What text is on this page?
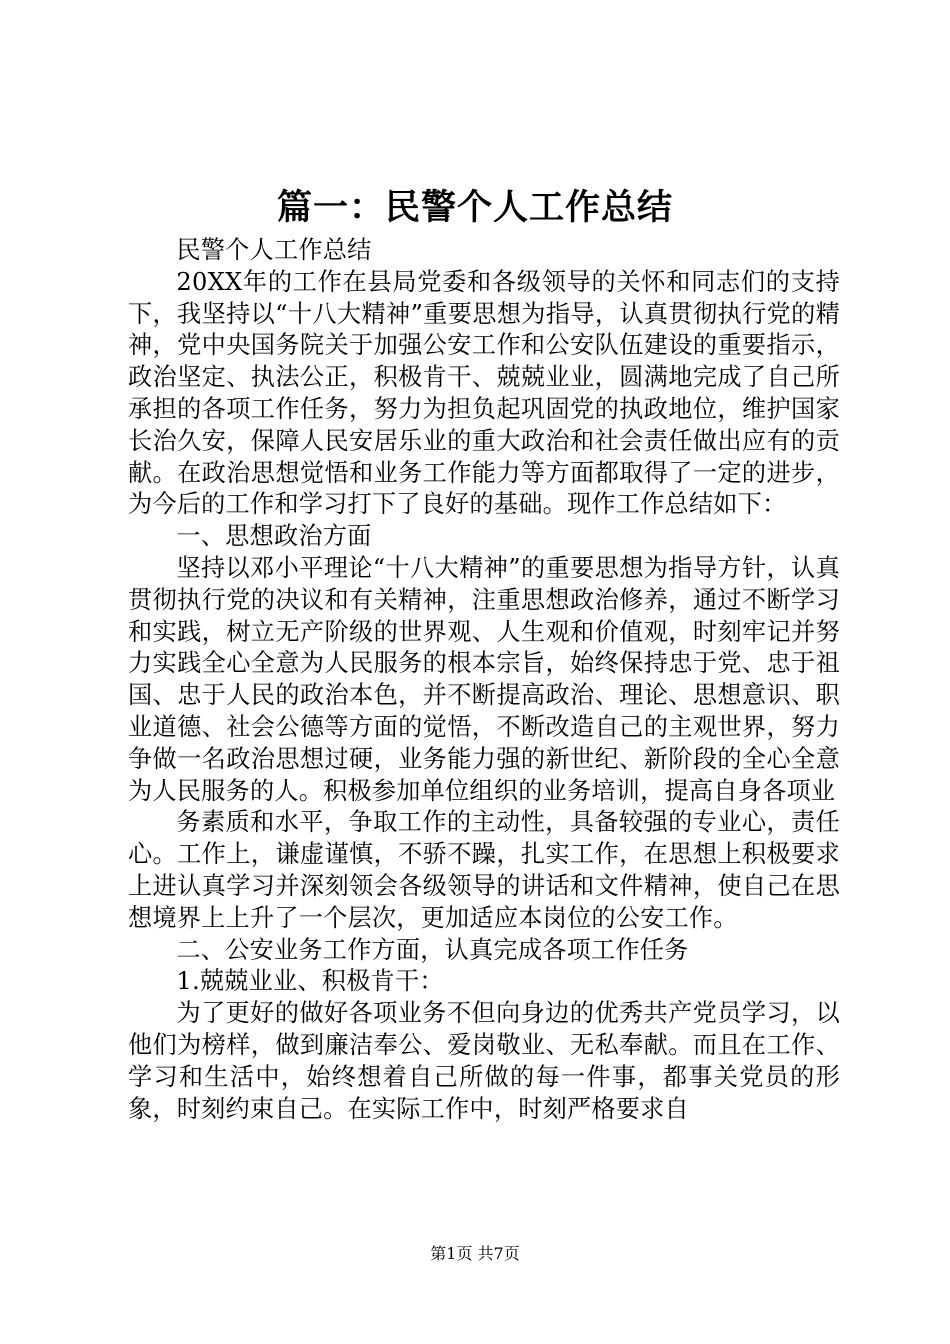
篇一：民警个人工作总结

民警个人工作总结

20XX年的工作在县局党委和各级领导的关怀和同志们的支持下，我坚持以“十八大精神”重要思想为指导，认真贯彻执行党的精神，党中央国务院关于加强公安工作和公安队伍建设的重要指示，政治坚定、执法公正，积极肯干、兢兢业业，圆满地完成了自己所承担的各项工作任务，努力为担负起巩固党的执政地位，维护国家长治久安，保障人民安居乐业的重大政治和社会责任做出应有的贡献。在政治思想觉悟和业务工作能力等方面都取得了一定的进步，为今后的工作和学习打下了良好的基础。现作工作总结如下：

一、思想政治方面

坚持以邓小平理论“十八大精神”的重要思想为指导方针，认真贯彻执行党的决议和有关精神，注重思想政治修养，通过不断学习和实践，树立无产阶级的世界观、人生观和价值观，时刻牢记并努力实践全心全意为人民服务的根本宗旨，始终保持忠于党、忠于祖国、忠于人民的政治本色，并不断提高政治、理论、思想意识、职业道德、社会公德等方面的觉悟，不断改造自己的主观世界，努力争做一名政治思想过硬，业务能力强的新世纪、新阶段的全心全意为人民服务的人。积极参加单位组织的业务培训，提高自身各项业

务素质和水平，争取工作的主动性，具备较强的专业心，责任心。工作上，谦虚谨慎，不骄不躁，扎实工作，在思想上积极要求上进认真学习并深刻领会各级领导的讲话和文件精神，使自己在思想境界上上升了一个层次，更加适应本岗位的公安工作。

二、公安业务工作方面，认真完成各项工作任务

1.兢兢业业、积极肯干：

为了更好的做好各项业务不但向身边的优秀共产党员学习，以他们为榜样，做到廉洁奉公、爱岗敬业、无私奉献。而且在工作、学习和生活中，始终想着自己所做的每一件事，都事关党员的形象，时刻约束自己。在实际工作中，时刻严格要求自

第1页 共7页
